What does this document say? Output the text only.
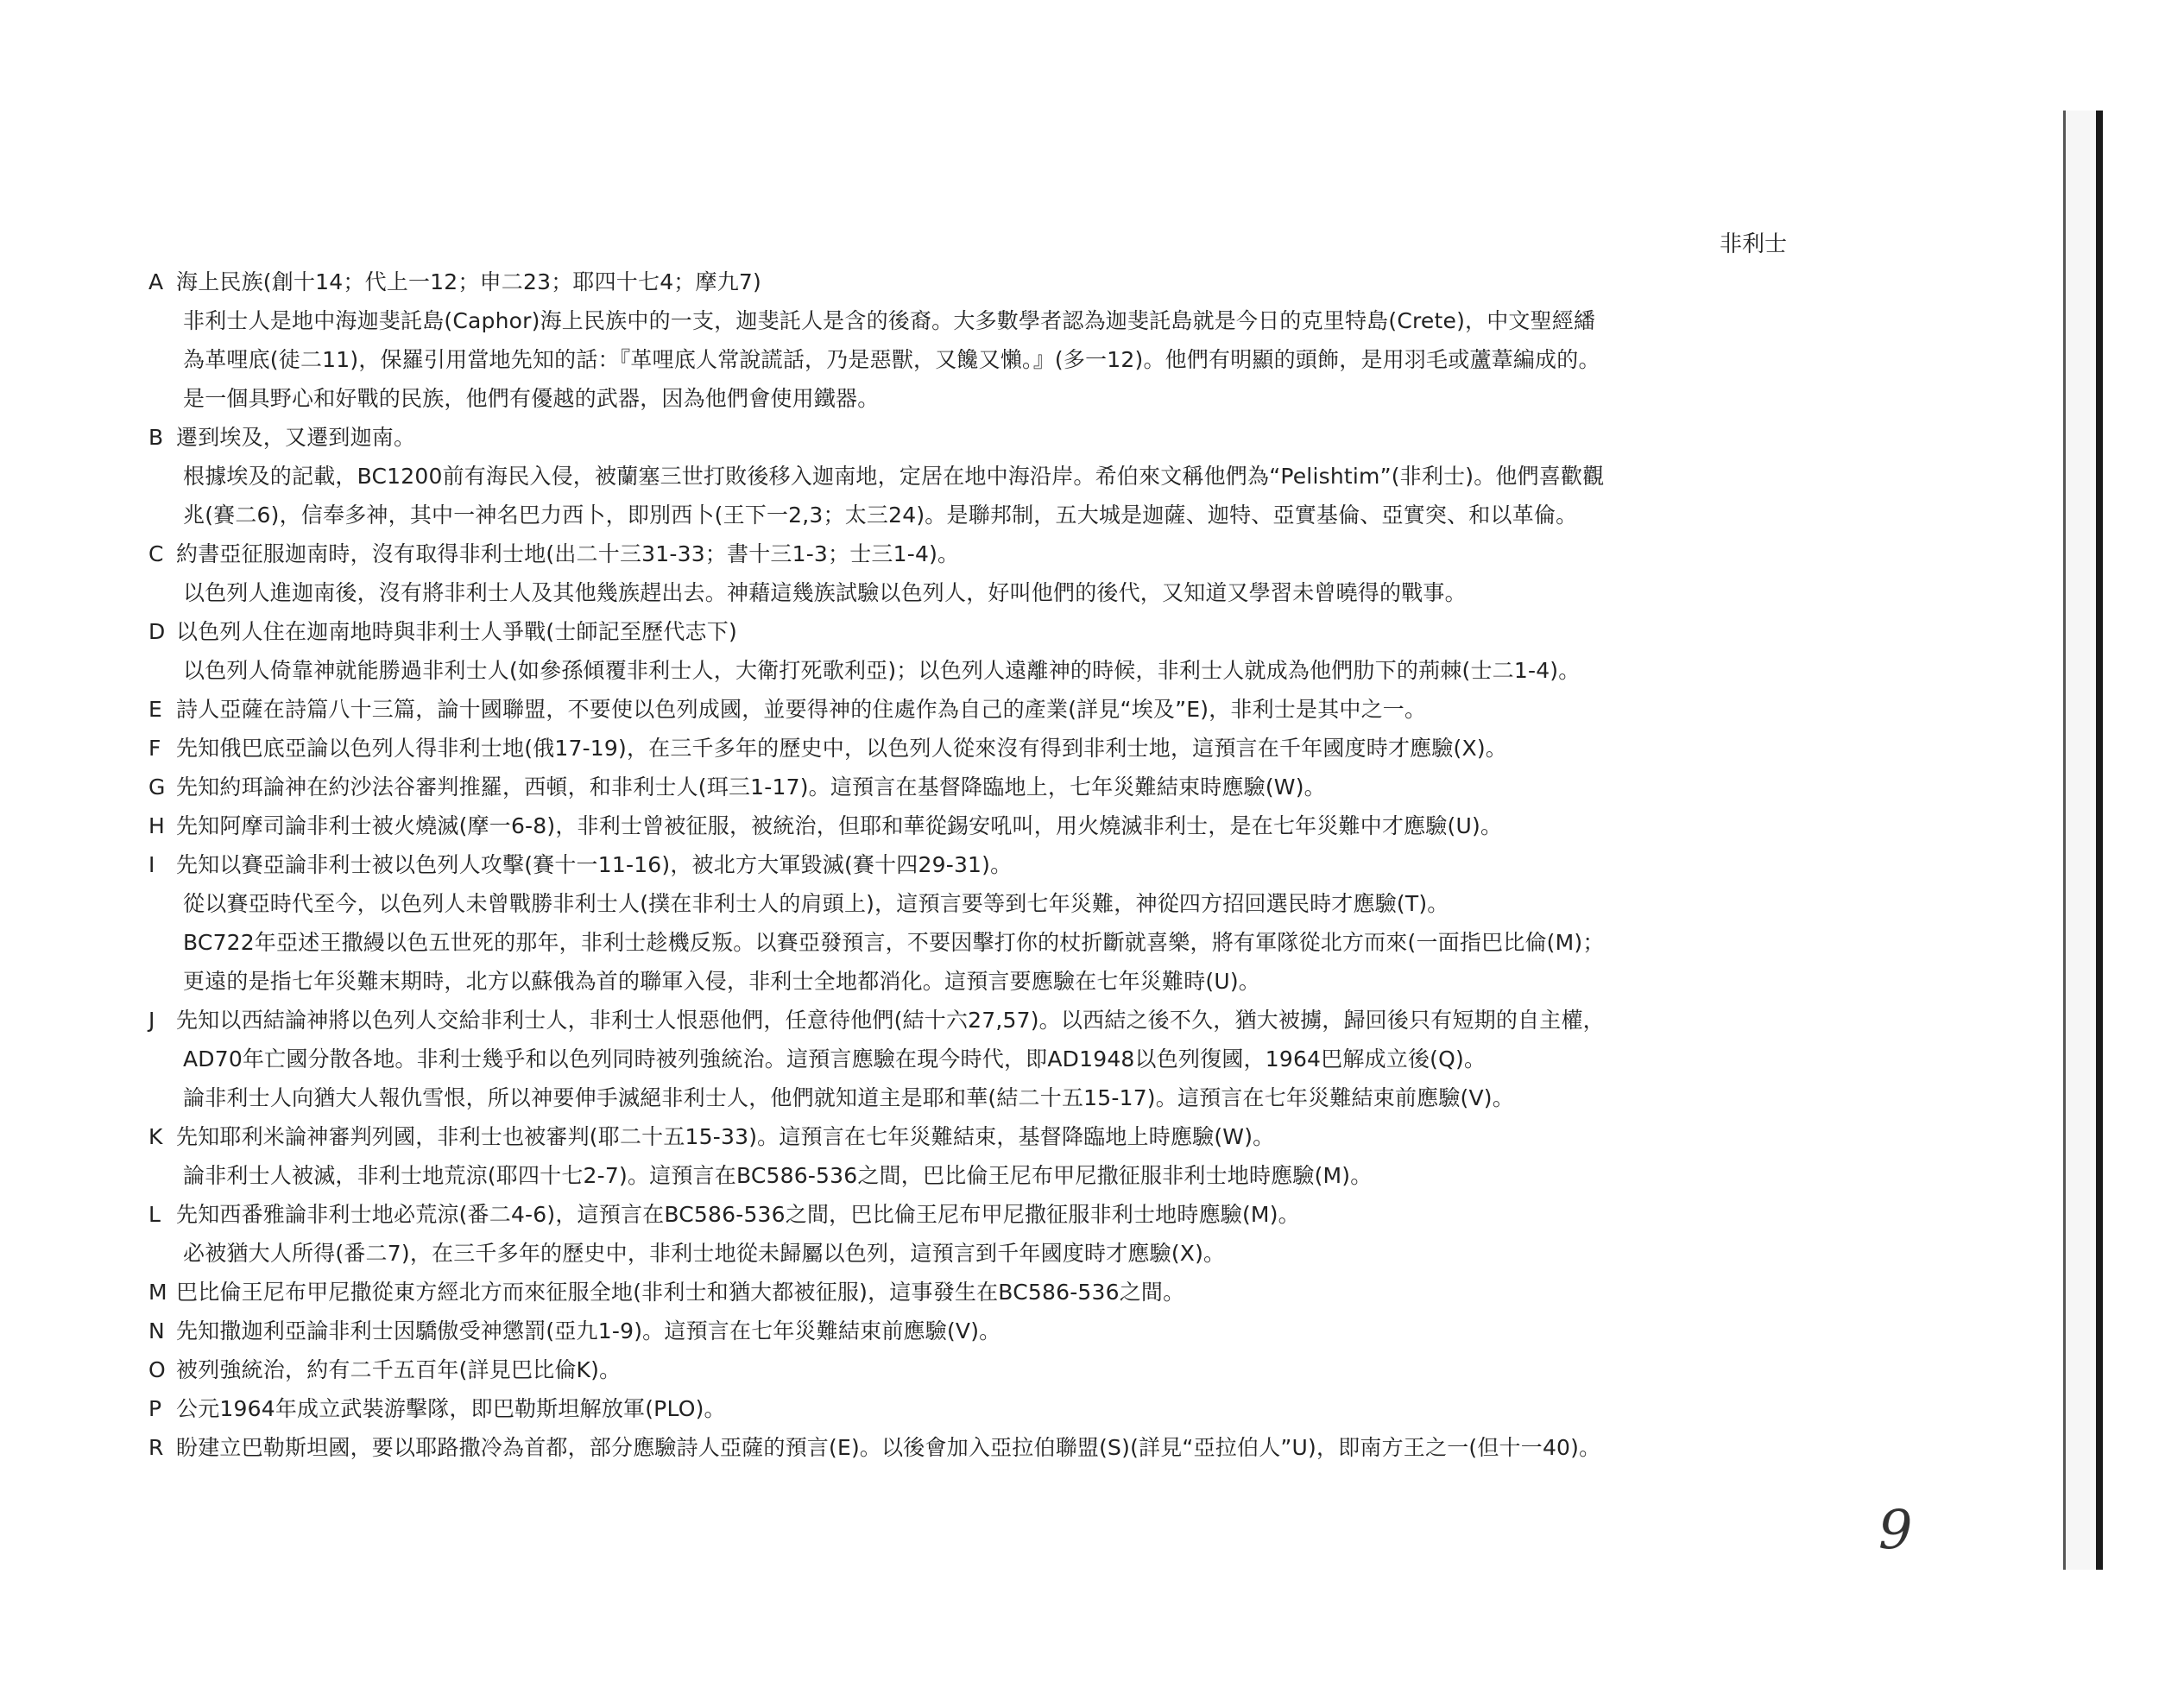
非利士
A 海上民族(創十14；代上一12；申二23；耶四十七4；摩九7)
非利士人是地中海迦斐託島(Caphor)海上民族中的一支，迦斐託人是含的後裔。大多數學者認為迦斐託島就是今日的克里特島(Crete)，中文聖經繙
為革哩底(徒二11)，保羅引用當地先知的話：『革哩底人常說謊話，乃是惡獸，又饞又懶。』(多一12)。他們有明顯的頭飾，是用羽毛或蘆葦編成的。
是一個具野心和好戰的民族，他們有優越的武器，因為他們會使用鐵器。
B 遷到埃及，又遷到迦南。
根據埃及的記載，BC1200前有海民入侵，被蘭塞三世打敗後移入迦南地，定居在地中海沿岸。希伯來文稱他們為“Pelishtim”(非利士)。他們喜歡觀
兆(賽二6)，信奉多神，其中一神名巴力西卜，即別西卜(王下一2,3；太三24)。是聯邦制，五大城是迦薩、迦特、亞實基倫、亞實突、和以革倫。
C 約書亞征服迦南時，沒有取得非利士地(出二十三31-33；書十三1-3；士三1-4)。
以色列人進迦南後，沒有將非利士人及其他幾族趕出去。神藉這幾族試驗以色列人，好叫他們的後代，又知道又學習未曾曉得的戰事。
D 以色列人住在迦南地時與非利士人爭戰(士師記至歷代志下)
以色列人倚靠神就能勝過非利士人(如參孫傾覆非利士人，大衛打死歌利亞)；以色列人遠離神的時候，非利士人就成為他們肋下的荊棘(士二1-4)。
E 詩人亞薩在詩篇八十三篇，論十國聯盟，不要使以色列成國，並要得神的住處作為自己的產業(詳見“埃及”E)，非利士是其中之一。
F 先知俄巴底亞論以色列人得非利士地(俄17-19)，在三千多年的歷史中，以色列人從來沒有得到非利士地，這預言在千年國度時才應驗(X)。
G 先知約珥論神在約沙法谷審判推羅，西頓，和非利士人(珥三1-17)。這預言在基督降臨地上，七年災難結束時應驗(W)。
H 先知阿摩司論非利士被火燒滅(摩一6-8)，非利士曾被征服，被統治，但耶和華從錫安吼叫，用火燒滅非利士，是在七年災難中才應驗(U)。
I 先知以賽亞論非利士被以色列人攻擊(賽十一11-16)，被北方大軍毀滅(賽十四29-31)。
從以賽亞時代至今，以色列人未曾戰勝非利士人(撲在非利士人的肩頭上)，這預言要等到七年災難，神從四方招回選民時才應驗(T)。
BC722年亞述王撒縵以色五世死的那年，非利士趁機反叛。以賽亞發預言，不要因擊打你的杖折斷就喜樂，將有軍隊從北方而來(一面指巴比倫(M)；
更遠的是指七年災難末期時，北方以蘇俄為首的聯軍入侵，非利士全地都消化。這預言要應驗在七年災難時(U)。
J 先知以西結論神將以色列人交給非利士人，非利士人恨惡他們，任意待他們(結十六27,57)。以西結之後不久，猶大被擄，歸回後只有短期的自主權，
AD70年亡國分散各地。非利士幾乎和以色列同時被列強統治。這預言應驗在現今時代，即AD1948以色列復國，1964巴解成立後(Q)。
論非利士人向猶大人報仇雪恨，所以神要伸手滅絕非利士人，他們就知道主是耶和華(結二十五15-17)。這預言在七年災難結束前應驗(V)。
K 先知耶利米論神審判列國，非利士也被審判(耶二十五15-33)。這預言在七年災難結束，基督降臨地上時應驗(W)。
論非利士人被滅，非利士地荒涼(耶四十七2-7)。這預言在BC586-536之間，巴比倫王尼布甲尼撒征服非利士地時應驗(M)。
L 先知西番雅論非利士地必荒涼(番二4-6)，這預言在BC586-536之間，巴比倫王尼布甲尼撒征服非利士地時應驗(M)。
必被猶大人所得(番二7)，在三千多年的歷史中，非利士地從未歸屬以色列，這預言到千年國度時才應驗(X)。
M 巴比倫王尼布甲尼撒從東方經北方而來征服全地(非利士和猶大都被征服)，這事發生在BC586-536之間。
N 先知撒迦利亞論非利士因驕傲受神懲罰(亞九1-9)。這預言在七年災難結束前應驗(V)。
O 被列強統治，約有二千五百年(詳見巴比倫K)。
P 公元1964年成立武裝游擊隊，即巴勒斯坦解放軍(PLO)。
R 盼建立巴勒斯坦國，要以耶路撒冷為首都，部分應驗詩人亞薩的預言(E)。以後會加入亞拉伯聯盟(S)(詳見“亞拉伯人”U)，即南方王之一(但十一40)。
9
